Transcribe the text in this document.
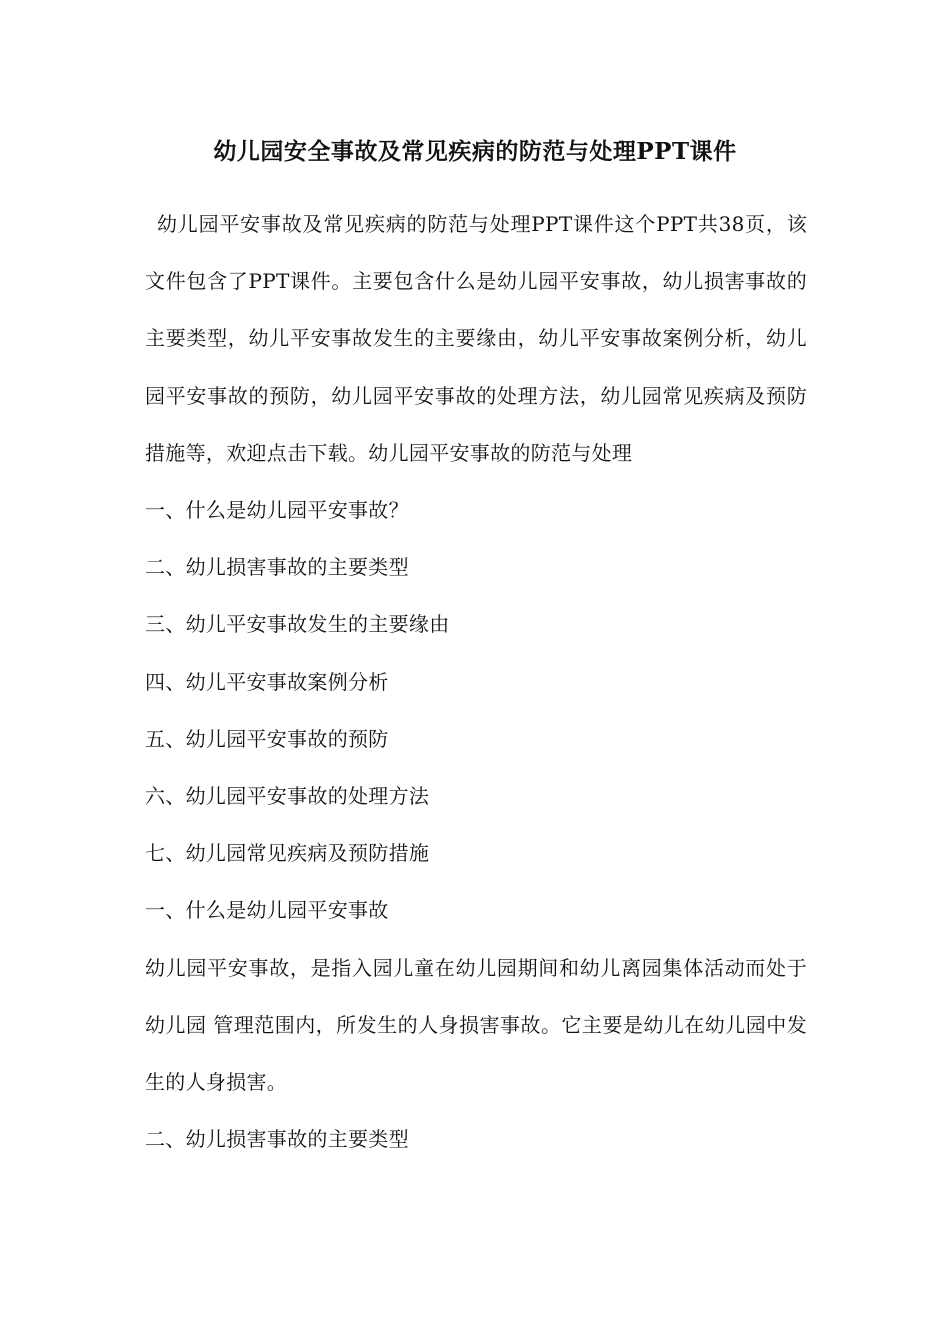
幼儿园安全事故及常见疾病的防范与处理PPT课件

幼儿园平安事故及常见疾病的防范与处理PPT课件这个PPT共38页，该文件包含了PPT课件。主要包含什么是幼儿园平安事故，幼儿损害事故的主要类型，幼儿平安事故发生的主要缘由，幼儿平安事故案例分析，幼儿园平安事故的预防，幼儿园平安事故的处理方法，幼儿园常见疾病及预防措施等，欢迎点击下载。幼儿园平安事故的防范与处理

一、什么是幼儿园平安事故？

二、幼儿损害事故的主要类型

三、幼儿平安事故发生的主要缘由

四、幼儿平安事故案例分析

五、幼儿园平安事故的预防

六、幼儿园平安事故的处理方法

七、幼儿园常见疾病及预防措施

一、什么是幼儿园平安事故

幼儿园平安事故，是指入园儿童在幼儿园期间和幼儿离园集体活动而处于幼儿园 管理范围内，所发生的人身损害事故。它主要是幼儿在幼儿园中发生的人身损害。

二、幼儿损害事故的主要类型
